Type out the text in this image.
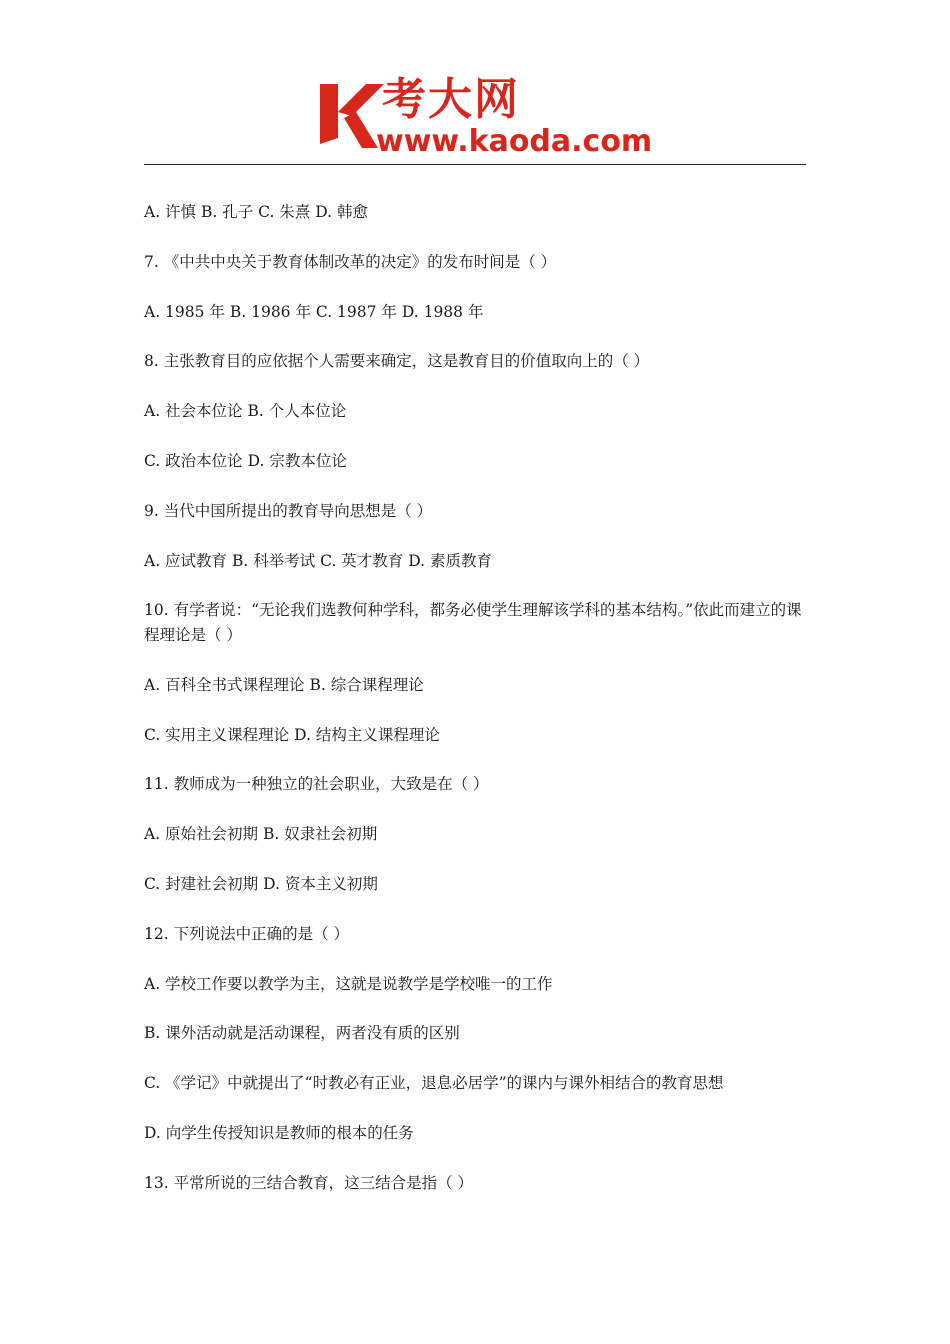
考大网
www.kaoda.com
A. 许慎 B. 孔子 C. 朱熹 D. 韩愈
7. 《中共中央关于教育体制改革的决定》的发布时间是（ ）
A. 1985 年 B. 1986 年 C. 1987 年 D. 1988 年
8. 主张教育目的应依据个人需要来确定，这是教育目的价值取向上的（ ）
A. 社会本位论 B. 个人本位论
C. 政治本位论 D. 宗教本位论
9. 当代中国所提出的教育导向思想是（ ）
A. 应试教育 B. 科举考试 C. 英才教育 D. 素质教育
10. 有学者说：“无论我们选教何种学科，都务必使学生理解该学科的基本结构。”依此而建立的课程理论是（ ）
A. 百科全书式课程理论 B. 综合课程理论
C. 实用主义课程理论 D. 结构主义课程理论
11. 教师成为一种独立的社会职业，大致是在（ ）
A. 原始社会初期 B. 奴隶社会初期
C. 封建社会初期 D. 资本主义初期
12. 下列说法中正确的是（ ）
A. 学校工作要以教学为主，这就是说教学是学校唯一的工作
B. 课外活动就是活动课程，两者没有质的区别
C. 《学记》中就提出了“时教必有正业，退息必居学”的课内与课外相结合的教育思想
D. 向学生传授知识是教师的根本的任务
13. 平常所说的三结合教育，这三结合是指（ ）
